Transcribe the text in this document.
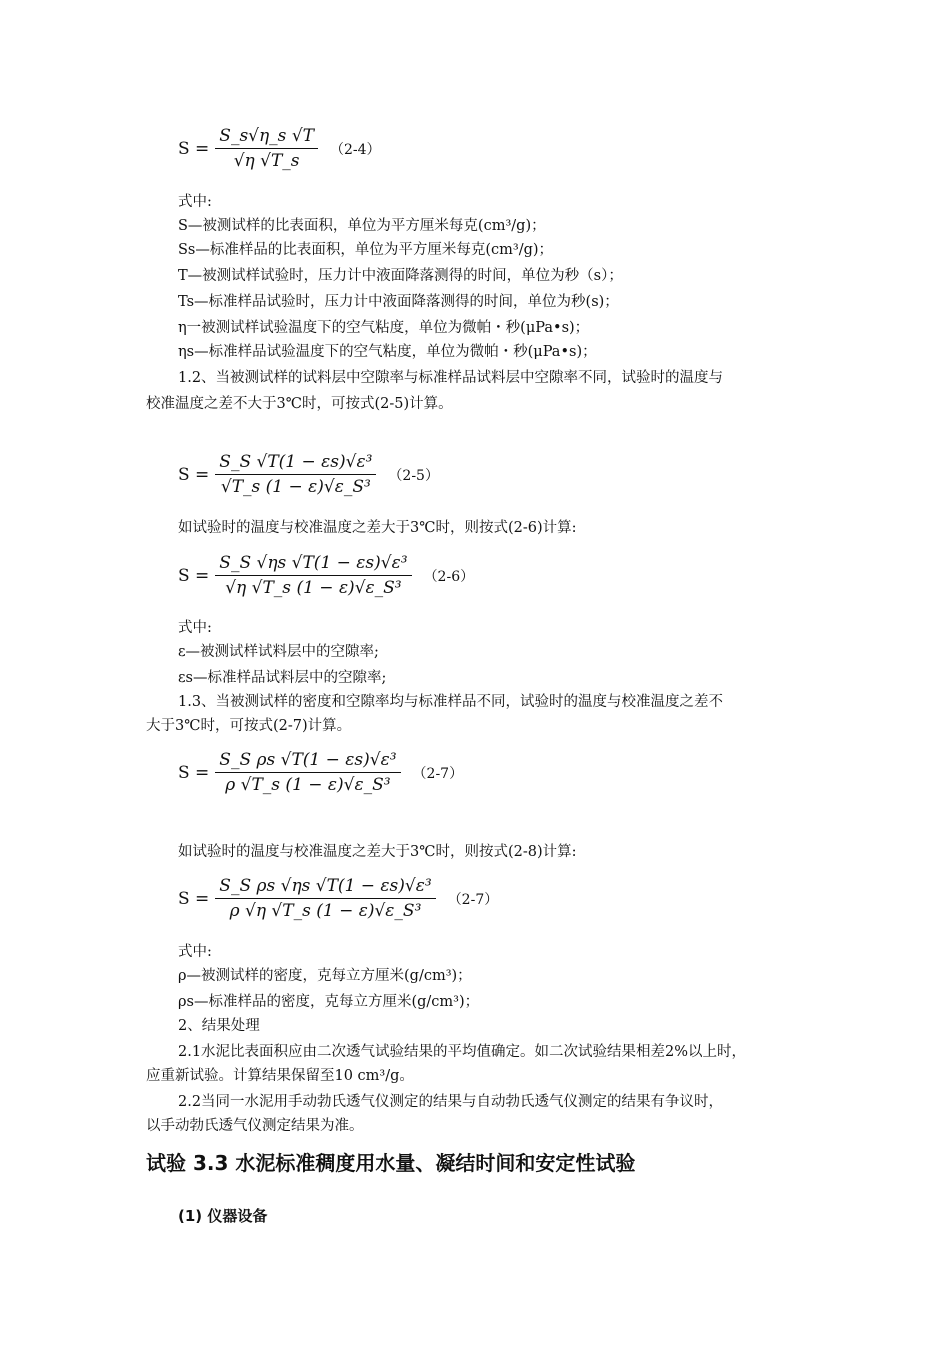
$S = \frac{S\_s√\eta\_s √T}{√\eta √T\_s} (2-4)$
式中:
S—被测试样的比表面积，单位为平方厘米每克(cm³/g)；
Ss—标准样品的比表面积，单位为平方厘米每克(cm³/g)；
T—被测试样试验时，压力计中液面降落测得的时间，单位为秒（s）；
Ts—标准样品试验时，压力计中液面降落测得的时间，单位为秒(s)；
η一被测试样试验温度下的空气粘度，单位为微帕・秒(μPa•s)；
ηs—标准样品试验温度下的空气粘度，单位为微帕・秒(μPa•s)；
1.2、当被测试样的试料层中空隙率与标准样品试料层中空隙率不同，试验时的温度与
校准温度之差不大于3℃时，可按式(2-5)计算。
$S = \frac{\text{S\_S √T(1 − εs)√ε³}}{\text{√T\_s (1 − ε)√ε\_S³}} (2-5)$
如试验时的温度与校准温度之差大于3℃时，则按式(2-6)计算:
$S = \frac{\text{S\_S √ηs √T(1 − εs)√ε³}}{\text{√η √T\_s (1 − ε)√ε\_S³}} (2-6)$
式中:
ε—被测试样试料层中的空隙率;
εs—标准样品试料层中的空隙率;
1.3、当被测试样的密度和空隙率均与标准样品不同，试验时的温度与校准温度之差不
大于3℃时，可按式(2-7)计算。
$S = \frac{\text{S\_S ρs √T(1 − εs)√ε³}}{\text{ρ √T\_s (1 − ε)√ε\_S³}} (2-7)$
如试验时的温度与校准温度之差大于3℃时，则按式(2-8)计算:
$S = \frac{\text{S\_S ρs √ηs √T(1 − εs)√ε³}}{\text{ρ √η √T\_s (1 − ε)√ε\_S³}} (2-7)$
式中:
ρ—被测试样的密度，克每立方厘米(g/cm³)；
ρs—标准样品的密度，克每立方厘米(g/cm³)；
2、结果处理
2.1水泥比表面积应由二次透气试验结果的平均值确定。如二次试验结果相差2%以上时，
应重新试验。计算结果保留至10 cm³/g。
2.2当同一水泥用手动勃氏透气仪测定的结果与自动勃氏透气仪测定的结果有争议时，
以手动勃氏透气仪测定结果为准。
试验 3.3 水泥标准稠度用水量、凝结时间和安定性试验
(1) 仪器设备
